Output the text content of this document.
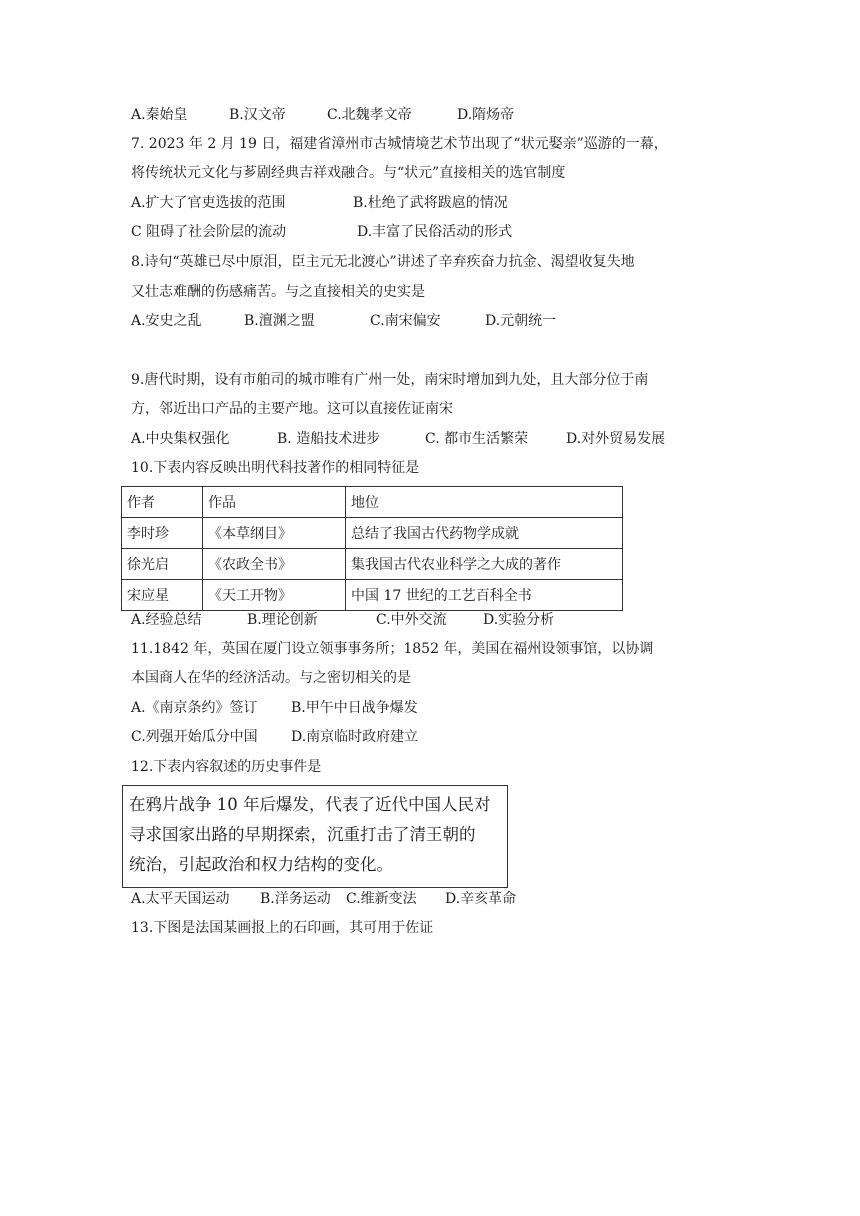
A.秦始皇	B.汉文帝	C.北魏孝文帝	D.隋炀帝
7. 2023 年 2 月 19 日，福建省漳州市古城情境艺术节出现了“状元娶亲”巡游的一幕，
将传统状元文化与芗剧经典吉祥戏融合。与“状元”直接相关的选官制度
A.扩大了官吏选拔的范围	B.杜绝了武将跋扈的情况
C 阻碍了社会阶层的流动	D.丰富了民俗活动的形式
8.诗句“英雄已尽中原泪，臣主元无北渡心”讲述了辛弃疾奋力抗金、渴望收复失地
又壮志难酬的伤感痛苦。与之直接相关的史实是
A.安史之乱	B.澶渊之盟	C.南宋偏安	D.元朝统一
9.唐代时期，设有市舶司的城市唯有广州一处，南宋时增加到九处，且大部分位于南
方，邻近出口产品的主要产地。这可以直接佐证南宋
A.中央集权强化	B. 造船技术进步	C. 都市生活繁荣	D.对外贸易发展
10.下表内容反映出明代科技著作的相同特征是
作者	作品	地位
李时珍	《本草纲目》	总结了我国古代药物学成就
徐光启	《农政全书》	集我国古代农业科学之大成的著作
宋应星	《天工开物》	中国 17 世纪的工艺百科全书
A.经验总结	B.理论创新	C.中外交流	D.实验分析
11.1842 年，英国在厦门设立领事事务所；1852 年，美国在福州设领事馆，以协调
本国商人在华的经济活动。与之密切相关的是
A.《南京条约》签订 B.甲午中日战争爆发
C.列强开始瓜分中国 D.南京临时政府建立
12.下表内容叙述的历史事件是
在鸦片战争 10 年后爆发，代表了近代中国人民对
寻求国家出路的早期探索，沉重打击了清王朝的
统治，引起政治和权力结构的变化。
A.太平天国运动 B.洋务运动 C.维新变法 D.辛亥革命
13.下图是法国某画报上的石印画，其可用于佐证
